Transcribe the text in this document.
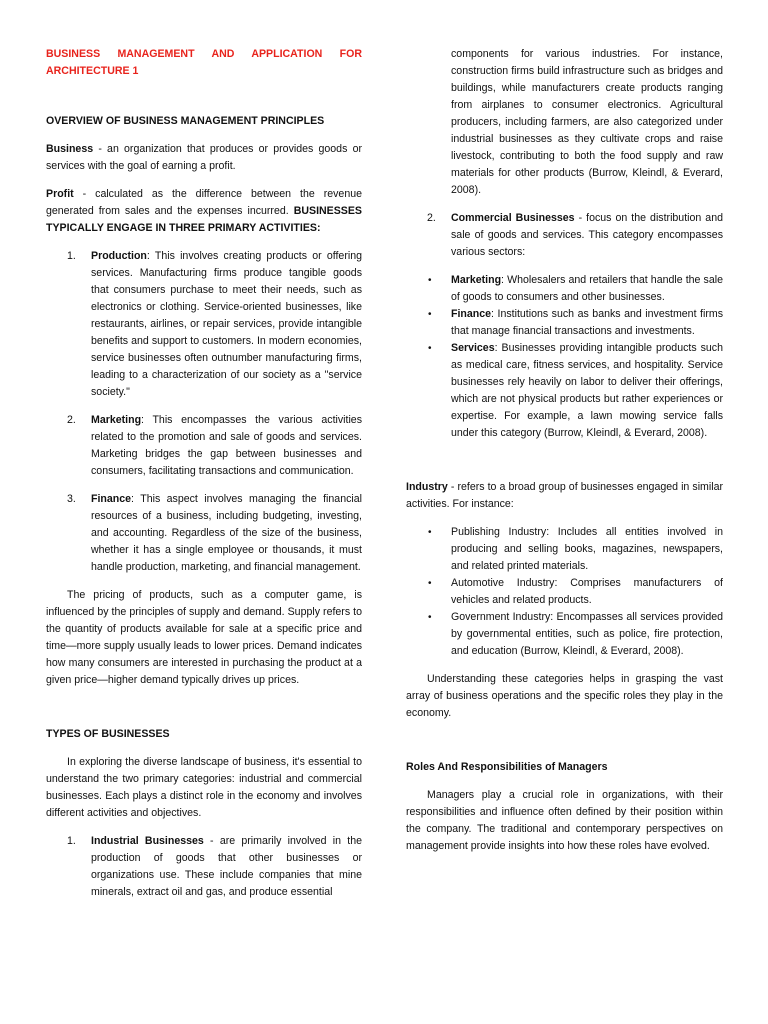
BUSINESS MANAGEMENT AND APPLICATION FOR ARCHITECTURE 1

OVERVIEW OF BUSINESS MANAGEMENT PRINCIPLES

Business - an organization that produces or provides goods or services with the goal of earning a profit.

Profit - calculated as the difference between the revenue generated from sales and the expenses incurred. BUSINESSES TYPICALLY ENGAGE IN THREE PRIMARY ACTIVITIES:

1. Production: This involves creating products or offering services. Manufacturing firms produce tangible goods that consumers purchase to meet their needs, such as electronics or clothing. Service-oriented businesses, like restaurants, airlines, or repair services, provide intangible benefits and support to customers. In modern economies, service businesses often outnumber manufacturing firms, leading to a characterization of our society as a "service society."
2. Marketing: This encompasses the various activities related to the promotion and sale of goods and services. Marketing bridges the gap between businesses and consumers, facilitating transactions and communication.
3. Finance: This aspect involves managing the financial resources of a business, including budgeting, investing, and accounting. Regardless of the size of the business, whether it has a single employee or thousands, it must handle production, marketing, and financial management.

The pricing of products, such as a computer game, is influenced by the principles of supply and demand. Supply refers to the quantity of products available for sale at a specific price and time—more supply usually leads to lower prices. Demand indicates how many consumers are interested in purchasing the product at a given price—higher demand typically drives up prices.

TYPES OF BUSINESSES

In exploring the diverse landscape of business, it's essential to understand the two primary categories: industrial and commercial businesses. Each plays a distinct role in the economy and involves different activities and objectives.

1. Industrial Businesses - are primarily involved in the production of goods that other businesses or organizations use. These include companies that mine minerals, extract oil and gas, and produce essential

components for various industries. For instance, construction firms build infrastructure such as bridges and buildings, while manufacturers create products ranging from airplanes to consumer electronics. Agricultural producers, including farmers, are also categorized under industrial businesses as they cultivate crops and raise livestock, contributing to both the food supply and raw materials for other products (Burrow, Kleindl, & Everard, 2008).

2. Commercial Businesses - focus on the distribution and sale of goods and services. This category encompasses various sectors:
• Marketing: Wholesalers and retailers that handle the sale of goods to consumers and other businesses.
• Finance: Institutions such as banks and investment firms that manage financial transactions and investments.
• Services: Businesses providing intangible products such as medical care, fitness services, and hospitality. Service businesses rely heavily on labor to deliver their offerings, which are not physical products but rather experiences or expertise. For example, a lawn mowing service falls under this category (Burrow, Kleindl, & Everard, 2008).

Industry - refers to a broad group of businesses engaged in similar activities. For instance:

• Publishing Industry: Includes all entities involved in producing and selling books, magazines, newspapers, and related printed materials.
• Automotive Industry: Comprises manufacturers of vehicles and related products.
• Government Industry: Encompasses all services provided by governmental entities, such as police, fire protection, and education (Burrow, Kleindl, & Everard, 2008).

Understanding these categories helps in grasping the vast array of business operations and the specific roles they play in the economy.

Roles And Responsibilities of Managers

Managers play a crucial role in organizations, with their responsibilities and influence often defined by their position within the company. The traditional and contemporary perspectives on management provide insights into how these roles have evolved.
